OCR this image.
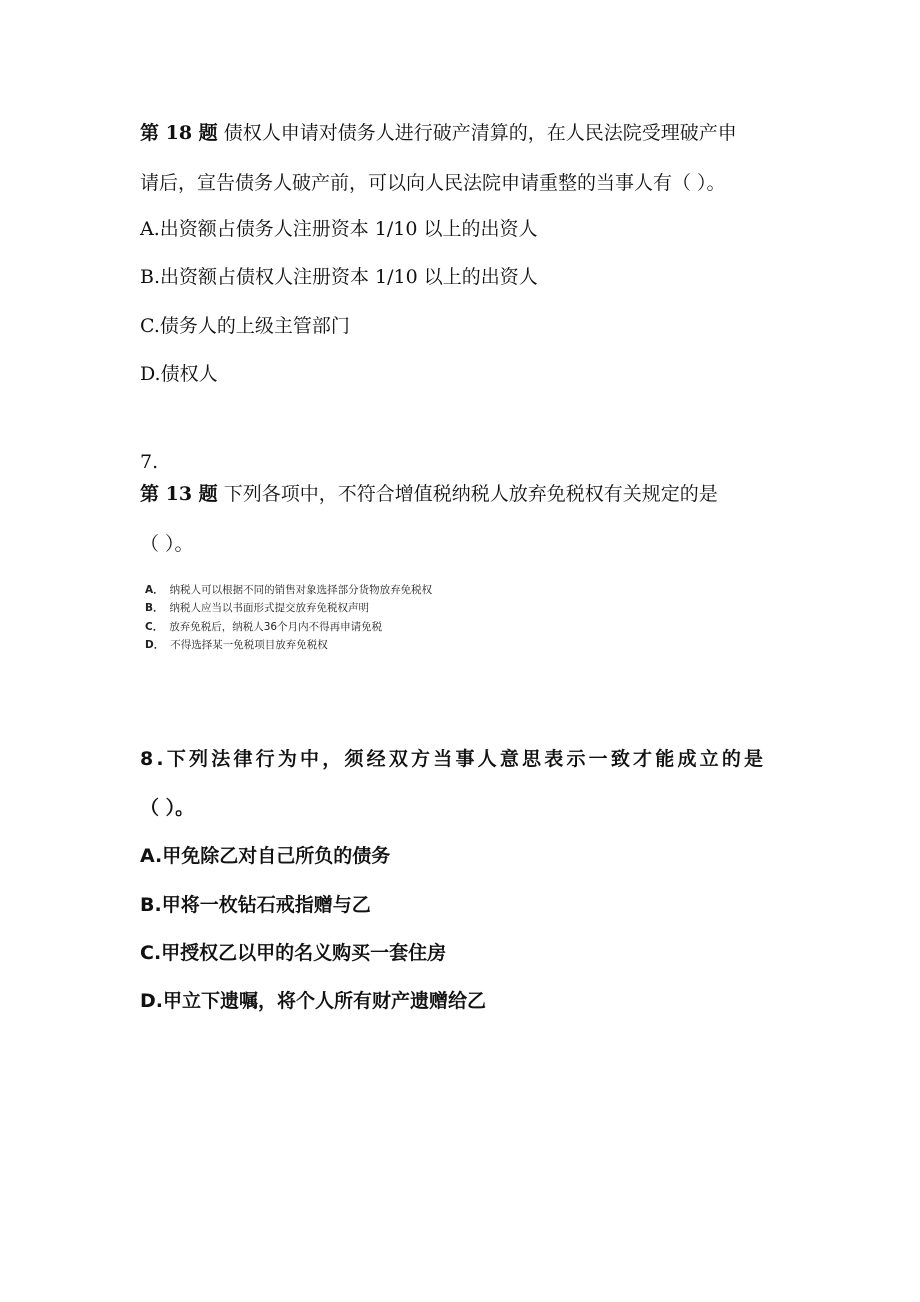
第 18 题 债权人申请对债务人进行破产清算的，在人民法院受理破产申
请后，宣告债务人破产前，可以向人民法院申请重整的当事人有（ ）。
A.出资额占债务人注册资本 1/10 以上的出资人
B.出资额占债权人注册资本 1/10 以上的出资人
C.债务人的上级主管部门
D.债权人
7.
第 13 题 下列各项中，不符合增值税纳税人放弃免税权有关规定的是
（ ）。
A． 纳税人可以根据不同的销售对象选择部分货物放弃免税权
B． 纳税人应当以书面形式提交放弃免税权声明
C． 放弃免税后，纳税人36个月内不得再申请免税
D． 不得选择某一免税项目放弃免税权
8.下列法律行为中，须经双方当事人意思表示一致才能成立的是
（ ）。
A.甲免除乙对自己所负的债务
B.甲将一枚钻石戒指赠与乙
C.甲授权乙以甲的名义购买一套住房
D.甲立下遗嘱，将个人所有财产遗赠给乙
